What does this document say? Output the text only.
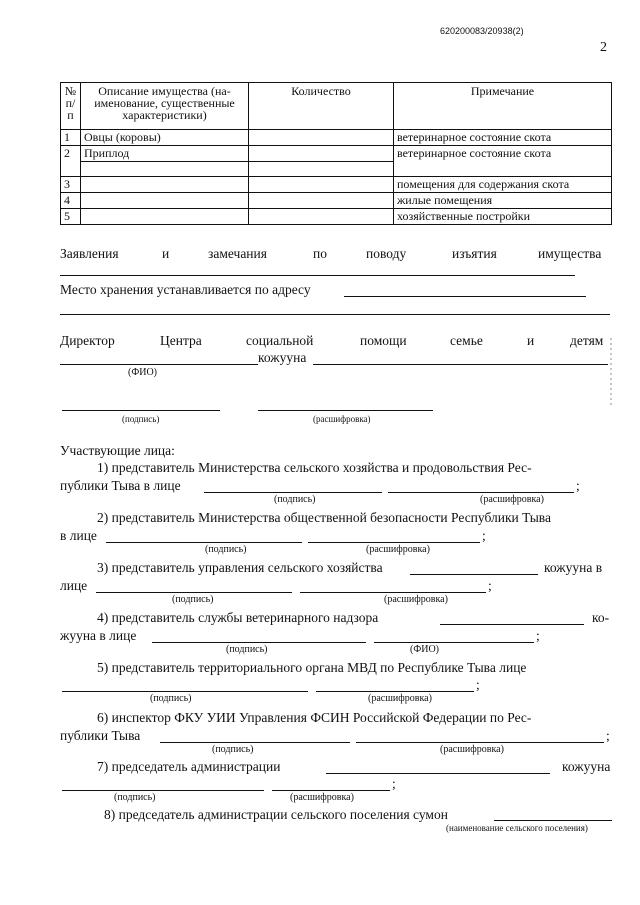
620200083/20938(2)
2
№ п/п	Описание имущества (на-именование, существенные характеристики)	Количество	Примечание
1	Овцы (коровы)		ветеринарное состояние скота
2	Приплод		ветеринарное состояние скота
3			помещения для содержания скота
4			жилые помещения
5			хозяйственные постройки
Заявления	и	замечания	по	поводу	изъятия	имущества
Место хранения устанавливается по адресу
Директор	Центра	социальной	помощи	семье	и	детям
кожууна
(ФИО)
(подпись)	(расшифровка)
Участвующие лица:
1) представитель Министерства сельского хозяйства и продовольствия Рес-
публики Тыва в лице	;
(подпись)	(расшифровка)
2) представитель Министерства общественной безопасности Республики Тыва
в лице	;
(подпись)	(расшифровка)
3) представитель управления сельского хозяйства	кожууна в
лице	;
(подпись)	(расшифровка)
4) представитель службы ветеринарного надзора	ко-
жууна в лице	;
(подпись)	(ФИО)
5) представитель территориального органа МВД по Республике Тыва лице
;
(подпись)	(расшифровка)
6) инспектор ФКУ УИИ Управления ФСИН Российской Федерации по Рес-
публики Тыва	;
(подпись)	(расшифровка)
7) председатель администрации	кожууна
;
(подпись)	(расшифровка)
8) председатель администрации сельского поселения сумон
(наименование сельского поселения)
